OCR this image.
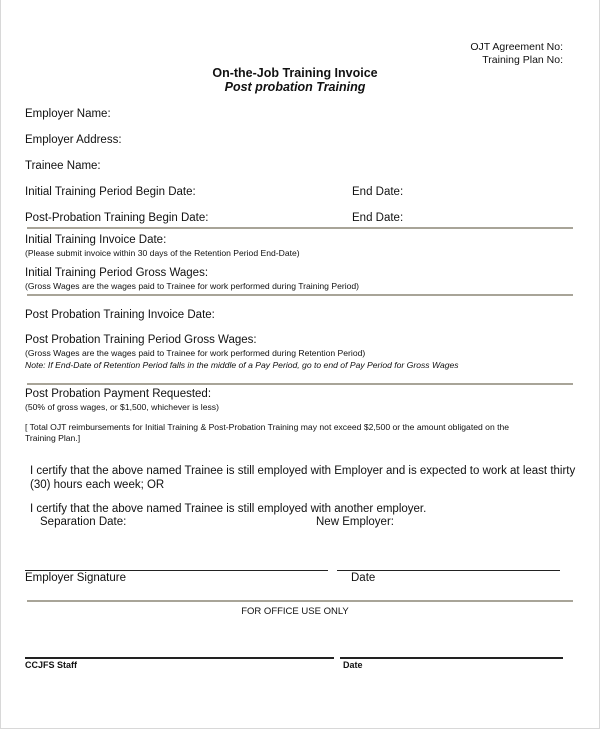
OJT Agreement No:
Training Plan No:
On-the-Job Training Invoice
Post probation Training
Employer Name:
Employer Address:
Trainee Name:
Initial Training Period Begin Date:	End Date:
Post-Probation Training Begin Date:	End Date:
Initial Training Invoice Date:
(Please submit invoice within 30 days of the Retention Period End-Date)
Initial Training Period Gross Wages:
(Gross Wages are the wages paid to Trainee for work performed during Training Period)
Post Probation Training Invoice Date:
Post Probation Training Period Gross Wages:
(Gross Wages are the wages paid to Trainee for work performed during Retention Period)
Note: If End-Date of Retention Period falls in the middle of a Pay Period, go to end of Pay Period for Gross Wages
Post Probation Payment Requested:
(50% of gross wages, or $1,500, whichever is less)
[ Total OJT reimbursements for Initial Training & Post-Probation Training may not exceed $2,500 or the amount obligated on the
Training Plan.]
I certify that the above named Trainee is still employed with Employer and is expected to work at least thirty
(30) hours each week; OR
I certify that the above named Trainee is still employed with another employer.
Separation Date:	New Employer:
Employer Signature	Date
FOR OFFICE USE ONLY
CCJFS Staff	Date
